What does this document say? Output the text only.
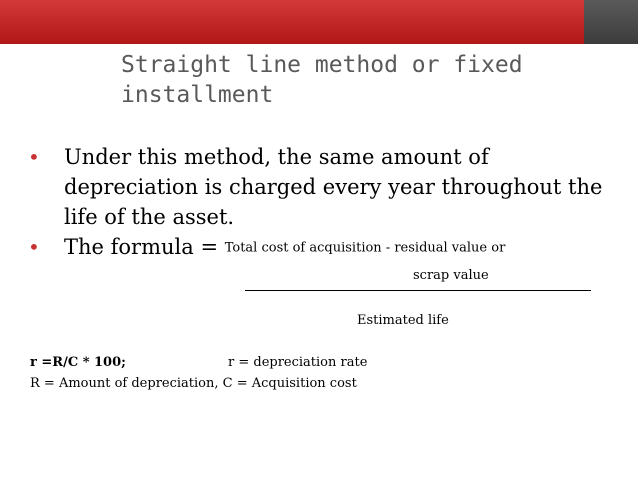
Straight line method or fixed installment
• Under this method, the same amount of depreciation is charged every year throughout the life of the asset.
• The formula = Total cost of acquisition - residual value or
scrap value
Estimated life
r =R/C * 100;	r = depreciation rate
R = Amount of depreciation, C = Acquisition cost
